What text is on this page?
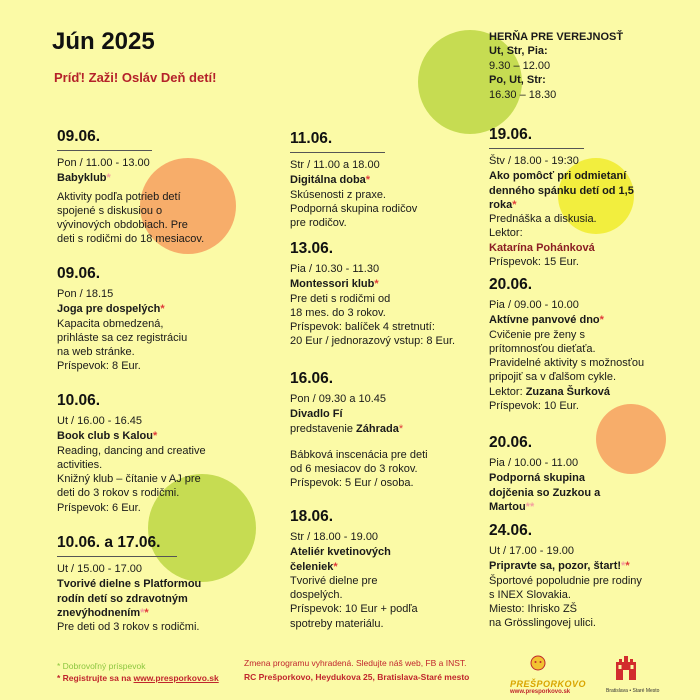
Jún 2025
Príď! Zaži! Osláv Deň detí!
HERŇA PRE VEREJNOSŤ
Ut, Str, Pia:
9.30 – 12.00
Po, Ut, Str:
16.30 – 18.30
09.06.
Pon / 11.00 - 13.00
Babyklub*
Aktivity podľa potrieb detí
spojené s diskusiou o
vývinových obdobiach. Pre
deti s rodičmi do 18 mesiacov.
09.06.
Pon / 18.15
Joga pre dospelých*
Kapacita obmedzená,
prihláste sa cez registráciu
na web stránke.
Príspevok: 8 Eur.
10.06.
Ut / 16.00 - 16.45
Book club s Kalou*
Reading, dancing and creative
activities.
Knižný klub – čítanie v AJ pre
deti do 3 rokov s rodičmi.
Príspevok: 6 Eur.
10.06. a 17.06.
Ut / 15.00 - 17.00
Tvorivé dielne s Platformou
rodín detí so zdravotným
znevýhodnením**
Pre deti od 3 rokov s rodičmi.
11.06.
Str / 11.00 a 18.00
Digitálna doba*
Skúsenosti z praxe.
Podporná skupina rodičov
pre rodičov.
13.06.
Pia / 10.30 - 11.30
Montessori klub*
Pre deti s rodičmi od
18 mes. do 3 rokov.
Príspevok: balíček 4 stretnutí:
20 Eur / jednorazový vstup: 8 Eur.
16.06.
Pon / 09.30 a 10.45
Divadlo Fí
predstavenie Záhrada*
Bábková inscenácia pre deti
od 6 mesiacov do 3 rokov.
Príspevok: 5 Eur / osoba.
18.06.
Str / 18.00 - 19.00
Ateliér kvetinových
čeleniek*
Tvorivé dielne pre
dospelých.
Príspevok: 10 Eur + podľa
spotreby materiálu.
19.06.
Štv / 18.00 - 19:30
Ako pomôcť pri odmietaní
denného spánku detí od 1,5
roka*
Prednáška a diskusia.
Lektor:
Katarína Pohánková
Príspevok: 15 Eur.
20.06.
Pia / 09.00 - 10.00
Aktívne panvové dno*
Cvičenie pre ženy s
prítomnosťou dieťaťa.
Pravidelné aktivity s možnosťou
pripojiť sa v ďalšom cykle.
Lektor: Zuzana Šurková
Príspevok: 10 Eur.
20.06.
Pia / 10.00 - 11.00
Podporná skupina
dojčenia so Zuzkou a
Martou**
24.06.
Ut / 17.00 - 19.00
Pripravte sa, pozor, štart!**
Športové popoludnie pre rodiny
s INEX Slovakia.
Miesto: Ihrisko ZŠ
na Grösslingovej ulici.
* Dobrovoľný príspevok
* Registrujte sa na www.presporkovo.sk
Zmena programu vyhradená. Sledujte náš web, FB a INST.
RC Prešporkovo, Heydukova 25, Bratislava-Staré mesto
PREŠPORKOVO
www.presporkovo.sk	Bratislava • Staré Mesto
